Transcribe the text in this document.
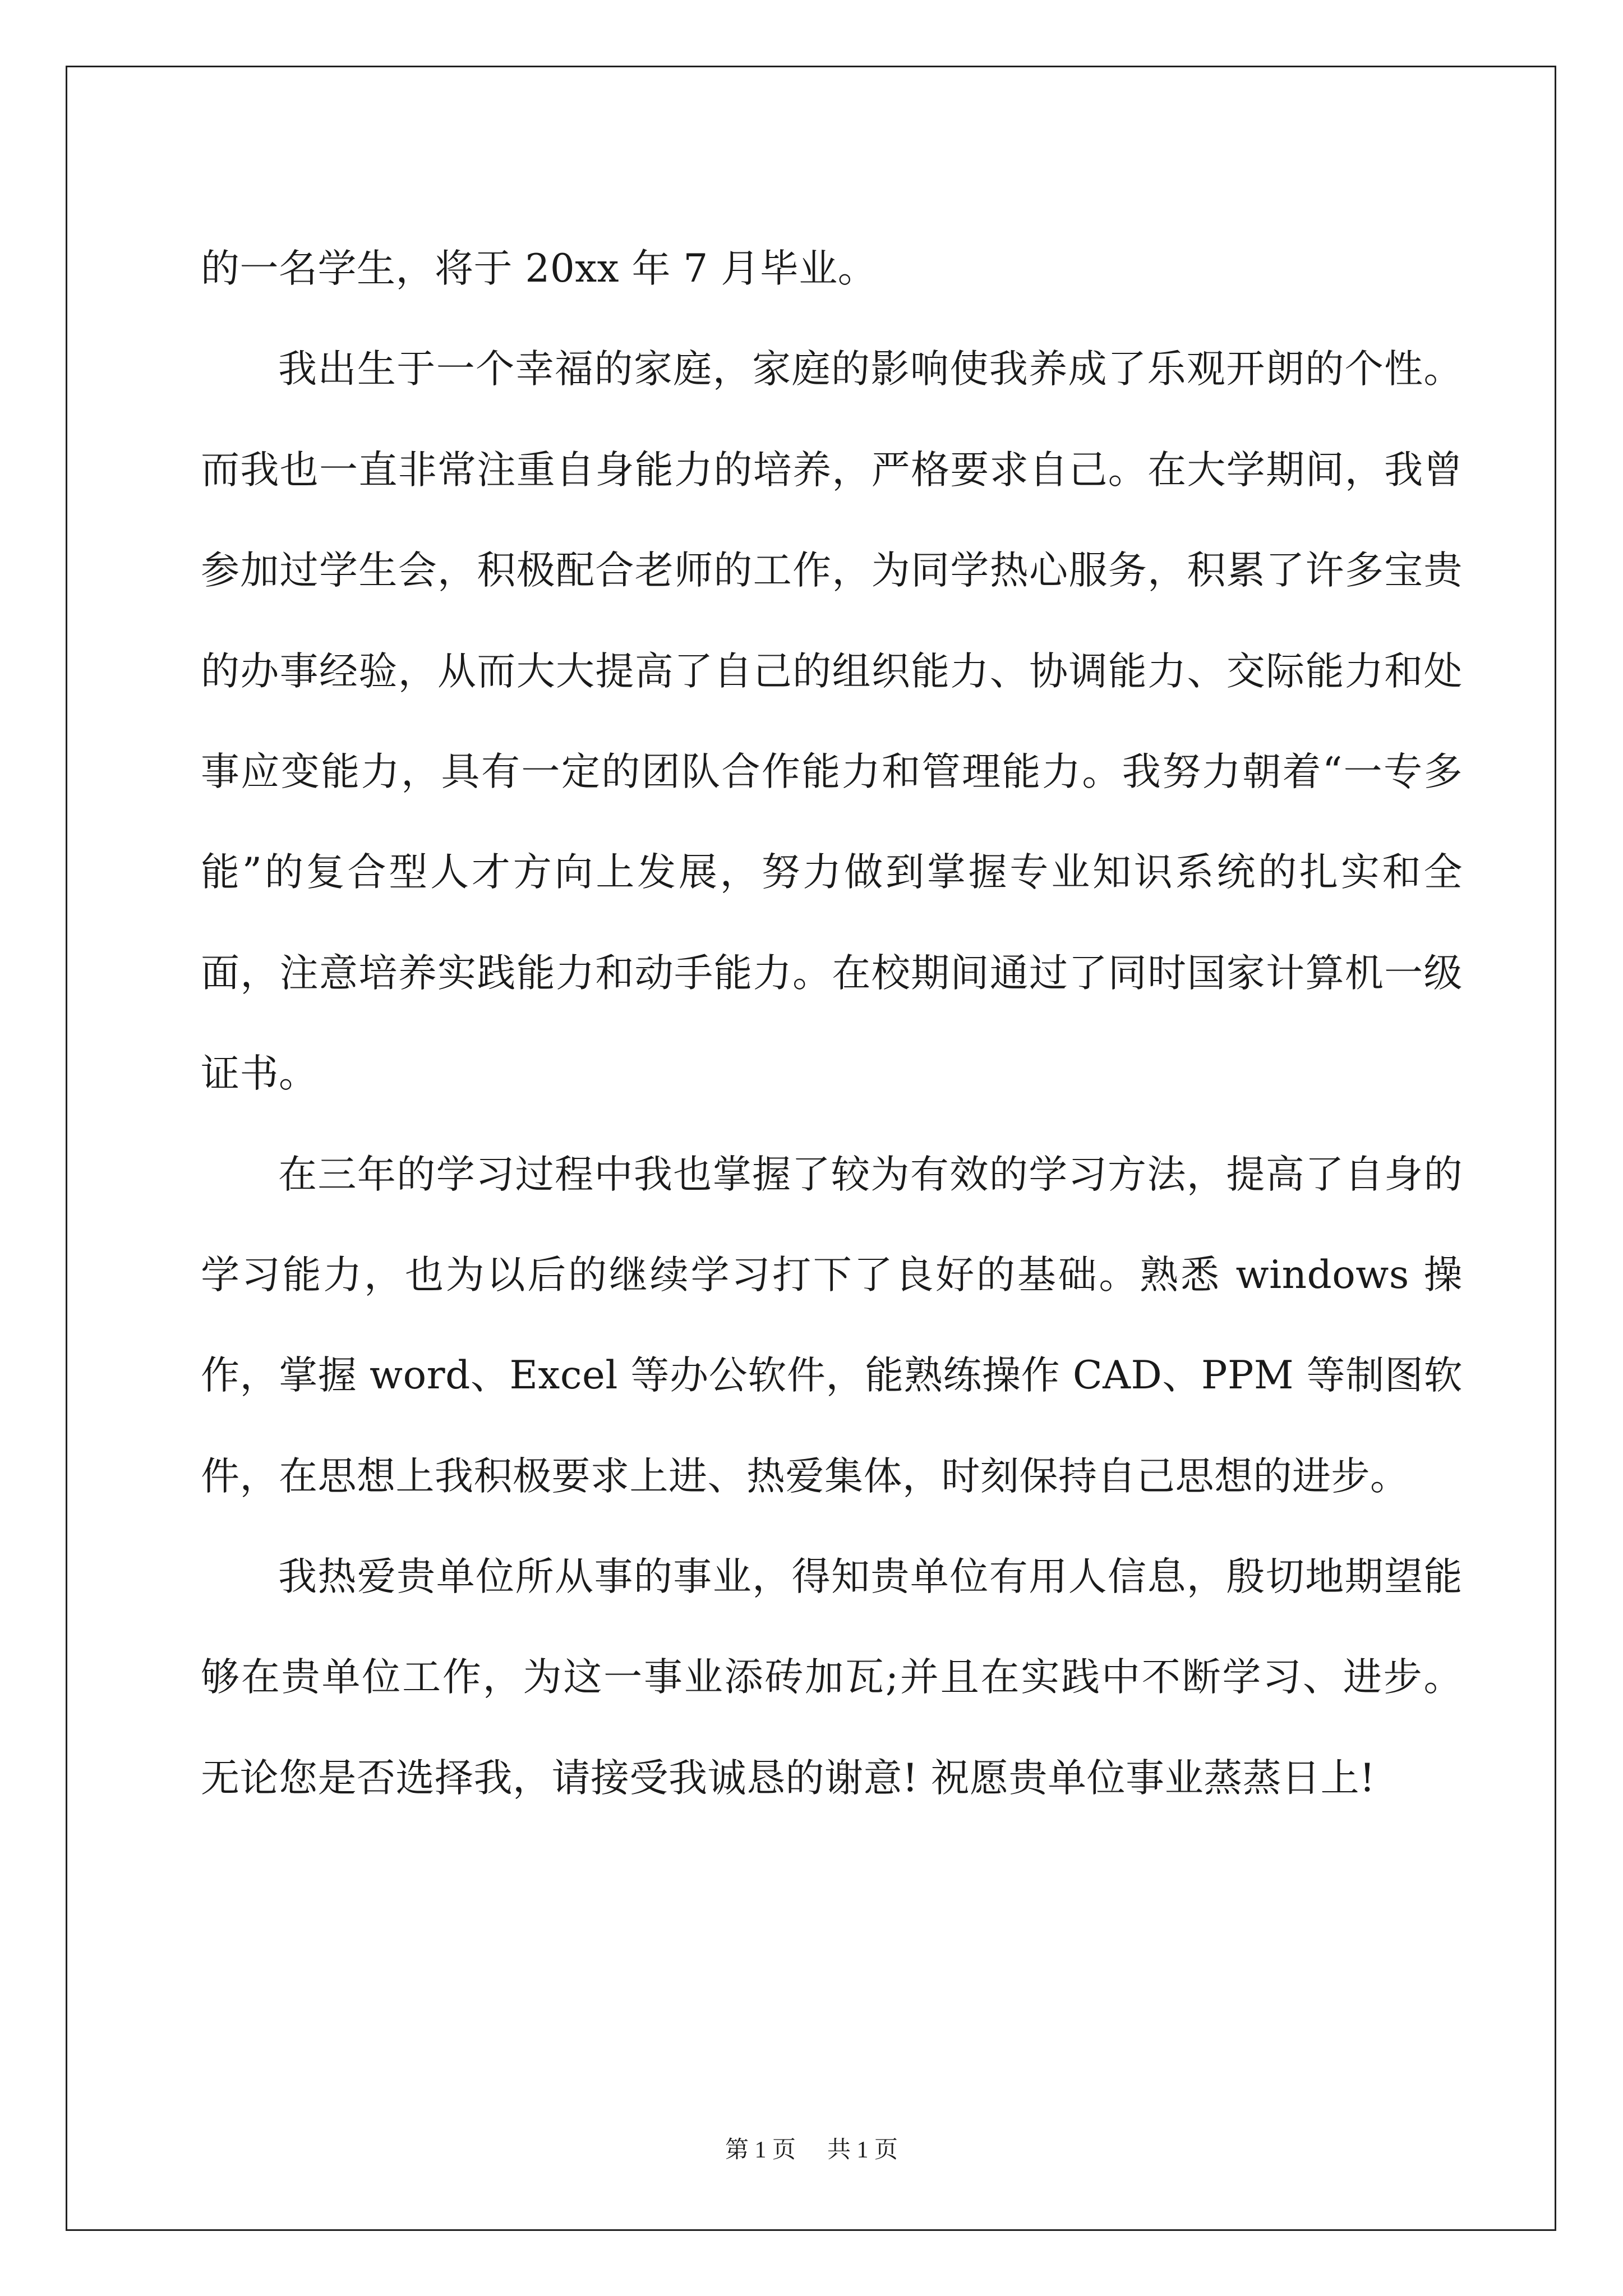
的一名学生，将于 20xx 年 7 月毕业。

我出生于一个幸福的家庭，家庭的影响使我养成了乐观开朗的个性。而我也一直非常注重自身能力的培养，严格要求自己。在大学期间，我曾参加过学生会，积极配合老师的工作，为同学热心服务，积累了许多宝贵的办事经验，从而大大提高了自己的组织能力、协调能力、交际能力和处事应变能力，具有一定的团队合作能力和管理能力。我努力朝着“一专多能”的复合型人才方向上发展，努力做到掌握专业知识系统的扎实和全面，注意培养实践能力和动手能力。在校期间通过了同时国家计算机一级证书。

在三年的学习过程中我也掌握了较为有效的学习方法，提高了自身的学习能力，也为以后的继续学习打下了良好的基础。熟悉 windows 操作，掌握 word、Excel 等办公软件，能熟练操作 CAD、PPM 等制图软件，在思想上我积极要求上进、热爱集体，时刻保持自己思想的进步。

我热爱贵单位所从事的事业，得知贵单位有用人信息，殷切地期望能够在贵单位工作，为这一事业添砖加瓦;并且在实践中不断学习、进步。 无论您是否选择我，请接受我诚恳的谢意! 祝愿贵单位事业蒸蒸日上!

第 1 页 共 1 页
